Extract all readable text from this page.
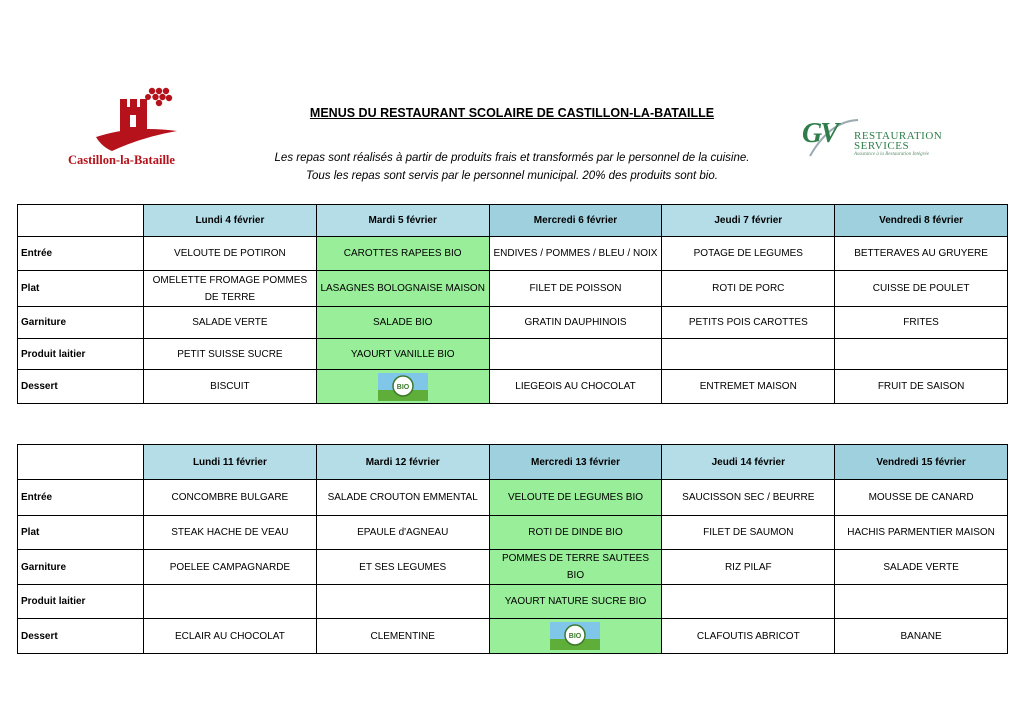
Castillon-la-Bataille
GV RESTAURATION
SERVICES
Assistance à la Restauration Intégrée
MENUS DU RESTAURANT SCOLAIRE DE CASTILLON-LA-BATAILLE
Les repas sont réalisés à partir de produits frais et transformés par le personnel de la cuisine.
Tous les repas sont servis par le personnel municipal. 20% des produits sont bio.
	Lundi 4 février	Mardi 5 février	Mercredi 6 février	Jeudi 7 février	Vendredi 8 février
Entrée	VELOUTE DE POTIRON	CAROTTES RAPEES BIO	ENDIVES / POMMES / BLEU / NOIX	POTAGE DE LEGUMES	BETTERAVES AU GRUYERE
Plat	OMELETTE FROMAGE POMMES DE TERRE	LASAGNES BOLOGNAISE MAISON	FILET DE POISSON	ROTI DE PORC	CUISSE DE POULET
Garniture	SALADE VERTE	SALADE BIO	GRATIN DAUPHINOIS	PETITS POIS CAROTTES	FRITES
Produit laitier	PETIT SUISSE SUCRE	YAOURT VANILLE BIO			
Dessert	BISCUIT	BIO	LIEGEOIS AU CHOCOLAT	ENTREMET MAISON	FRUIT DE SAISON
	Lundi 11 février	Mardi 12 février	Mercredi 13 février	Jeudi 14 février	Vendredi 15 février
Entrée	CONCOMBRE BULGARE	SALADE CROUTON EMMENTAL	VELOUTE DE LEGUMES BIO	SAUCISSON SEC / BEURRE	MOUSSE DE CANARD
Plat	STEAK HACHE DE VEAU	EPAULE d'AGNEAU	ROTI DE DINDE BIO	FILET DE SAUMON	HACHIS PARMENTIER MAISON
Garniture	POELEE CAMPAGNARDE	ET SES LEGUMES	POMMES DE TERRE SAUTEES BIO	RIZ PILAF	SALADE VERTE
Produit laitier			YAOURT NATURE SUCRE BIO		
Dessert	ECLAIR AU CHOCOLAT	CLEMENTINE	BIO	CLAFOUTIS ABRICOT	BANANE
